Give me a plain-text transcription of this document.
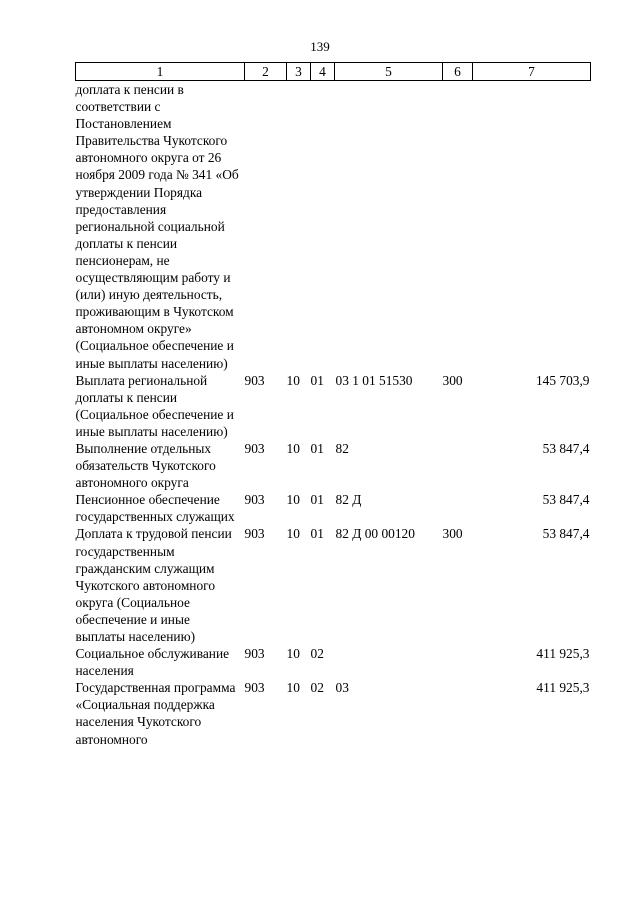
139
1	2	3	4	5	6	7
доплата к пенсии в соответствии с Постановлением Правительства Чукотского автономного округа от 26 ноября 2009 года № 341 «Об утверждении Порядка предоставления региональной социальной доплаты к пенсии пенсионерам, не осуществляющим работу и (или) иную деятельность, проживающим в Чукотском автономном округе» (Социальное обеспечение и иные выплаты населению)						
Выплата региональной доплаты к пенсии (Социальное обеспечение и иные выплаты населению)	903	10	01	03 1 01 51530	300	145 703,9
Выполнение отдельных обязательств Чукотского автономного округа	903	10	01	82		53 847,4
Пенсионное обеспечение государственных служащих	903	10	01	82 Д		53 847,4
Доплата к трудовой пенсии государственным гражданским служащим Чукотского автономного округа (Социальное обеспечение и иные выплаты населению)	903	10	01	82 Д 00 00120	300	53 847,4
Социальное обслуживание населения	903	10	02			411 925,3
Государственная программа «Социальная поддержка населения Чукотского автономного	903	10	02	03		411 925,3
